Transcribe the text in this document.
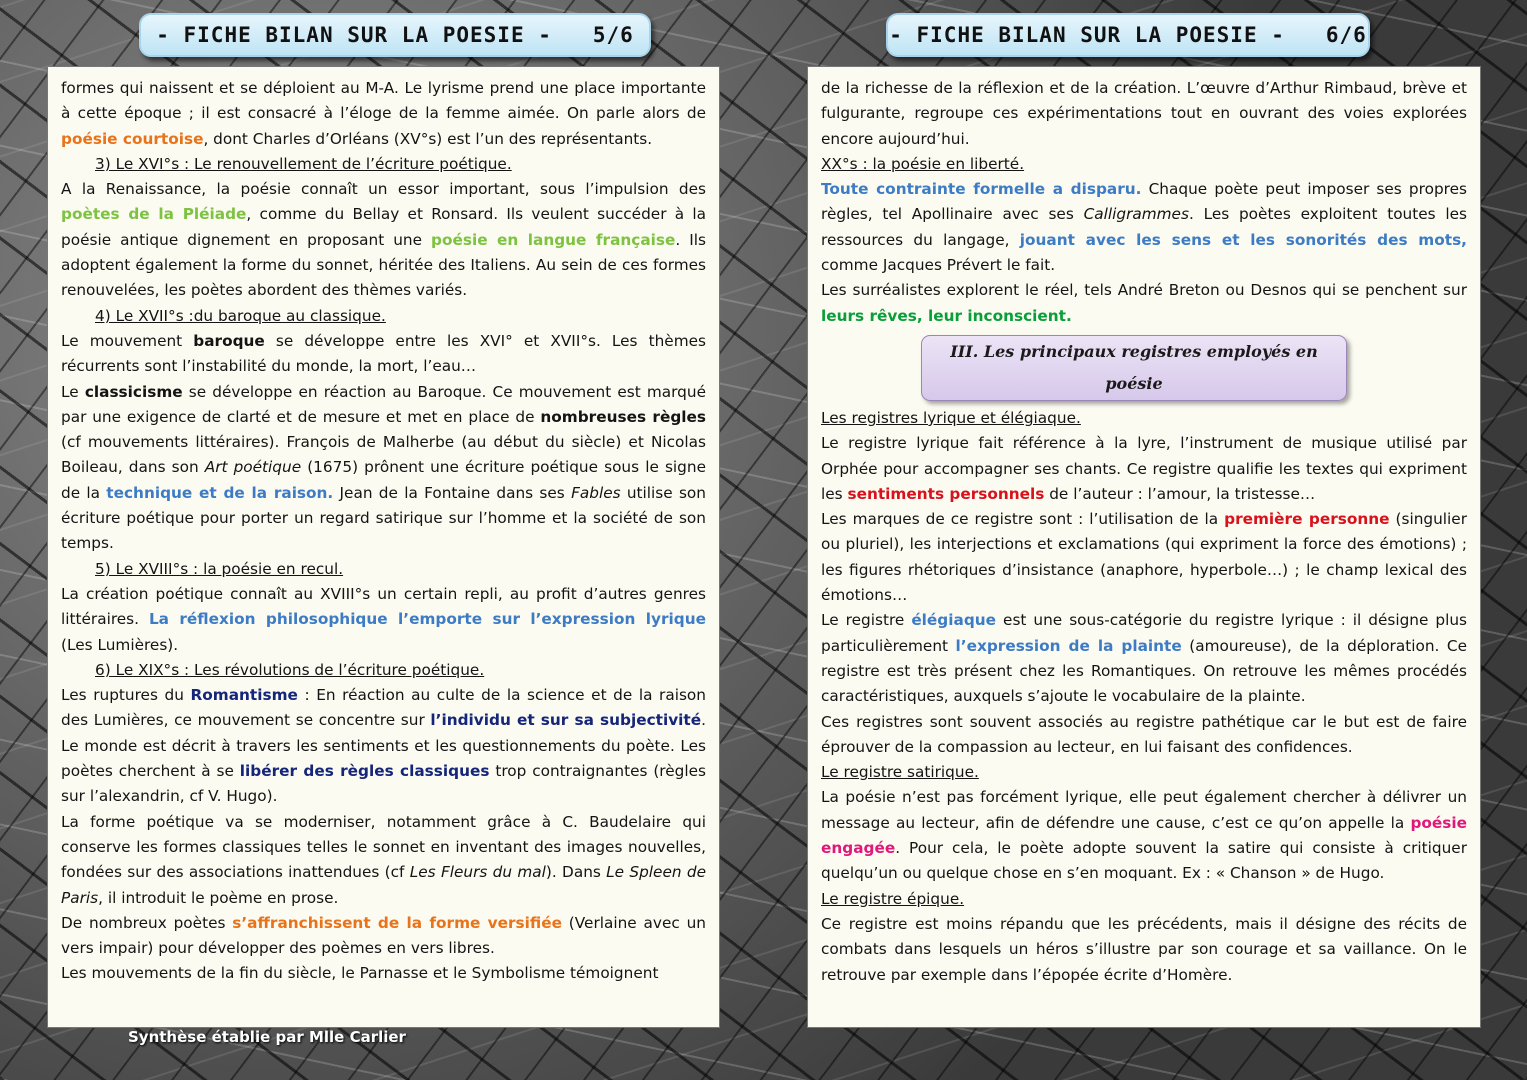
- FICHE BILAN SUR LA POESIE -   5/6	- FICHE BILAN SUR LA POESIE -   6/6

formes qui naissent et se déploient au M-A. Le lyrisme prend une place importante à cette époque ; il est consacré à l’éloge de la femme aimée. On parle alors de poésie courtoise, dont Charles d’Orléans (XV°s) est l’un des représentants.

3) Le XVI°s : Le renouvellement de l’écriture poétique.

A la Renaissance, la poésie connaît un essor important, sous l’impulsion des poètes de la Pléiade, comme du Bellay et Ronsard. Ils veulent succéder à la poésie antique dignement en proposant une poésie en langue française. Ils adoptent également la forme du sonnet, héritée des Italiens. Au sein de ces formes renouvelées, les poètes abordent des thèmes variés.

4) Le XVII°s :du baroque au classique.

Le mouvement baroque se développe entre les XVI° et XVII°s. Les thèmes récurrents sont l’instabilité du monde, la mort, l’eau…

Le classicisme se développe en réaction au Baroque. Ce mouvement est marqué par une exigence de clarté et de mesure et met en place de nombreuses règles (cf mouvements littéraires). François de Malherbe (au début du siècle) et Nicolas Boileau, dans son Art poétique (1675) prônent une écriture poétique sous le signe de la technique et de la raison. Jean de la Fontaine dans ses Fables utilise son écriture poétique pour porter un regard satirique sur l’homme et la société de son temps.

5) Le XVIII°s : la poésie en recul.

La création poétique connaît au XVIII°s un certain repli, au profit d’autres genres littéraires. La réflexion philosophique l’emporte sur l’expression lyrique (Les Lumières).

6) Le XIX°s : Les révolutions de l’écriture poétique.

Les ruptures du Romantisme : En réaction au culte de la science et de la raison des Lumières, ce mouvement se concentre sur l’individu et sur sa subjectivité. Le monde est décrit à travers les sentiments et les questionnements du poète. Les poètes cherchent à se libérer des règles classiques trop contraignantes (règles sur l’alexandrin, cf V. Hugo).

La forme poétique va se moderniser, notamment grâce à C. Baudelaire qui conserve les formes classiques telles le sonnet en inventant des images nouvelles, fondées sur des associations inattendues (cf Les Fleurs du mal). Dans Le Spleen de Paris, il introduit le poème en prose.

De nombreux poètes s’affranchissent de la forme versifiée (Verlaine avec un vers impair) pour développer des poèmes en vers libres.

Les mouvements de la fin du siècle, le Parnasse et le Symbolisme témoignent

de la richesse de la réflexion et de la création. L’œuvre d’Arthur Rimbaud, brève et fulgurante, regroupe ces expérimentations tout en ouvrant des voies explorées encore aujourd’hui.

XX°s : la poésie en liberté.

Toute contrainte formelle a disparu. Chaque poète peut imposer ses propres règles, tel Apollinaire avec ses Calligrammes. Les poètes exploitent toutes les ressources du langage, jouant avec les sens et les sonorités des mots, comme Jacques Prévert le fait.

Les surréalistes explorent le réel, tels André Breton ou Desnos qui se penchent sur leurs rêves, leur inconscient.

III. Les principaux registres employés en poésie

Les registres lyrique et élégiaque.

Le registre lyrique fait référence à la lyre, l’instrument de musique utilisé par Orphée pour accompagner ses chants. Ce registre qualifie les textes qui expriment les sentiments personnels de l’auteur : l’amour, la tristesse…

Les marques de ce registre sont : l’utilisation de la première personne (singulier ou pluriel), les interjections et exclamations (qui expriment la force des émotions) ; les figures rhétoriques d’insistance (anaphore, hyperbole…) ; le champ lexical des émotions…

Le registre élégiaque est une sous-catégorie du registre lyrique : il désigne plus particulièrement l’expression de la plainte (amoureuse), de la déploration. Ce registre est très présent chez les Romantiques. On retrouve les mêmes procédés caractéristiques, auxquels s’ajoute le vocabulaire de la plainte.

Ces registres sont souvent associés au registre pathétique car le but est de faire éprouver de la compassion au lecteur, en lui faisant des confidences.

Le registre satirique.

La poésie n’est pas forcément lyrique, elle peut également chercher à délivrer un message au lecteur, afin de défendre une cause, c’est ce qu’on appelle la poésie engagée. Pour cela, le poète adopte souvent la satire qui consiste à critiquer quelqu’un ou quelque chose en s’en moquant. Ex : « Chanson » de Hugo.

Le registre épique.

Ce registre est moins répandu que les précédents, mais il désigne des récits de combats dans lesquels un héros s’illustre par son courage et sa vaillance. On le retrouve par exemple dans l’épopée écrite d’Homère.

Synthèse établie par Mlle Carlier
